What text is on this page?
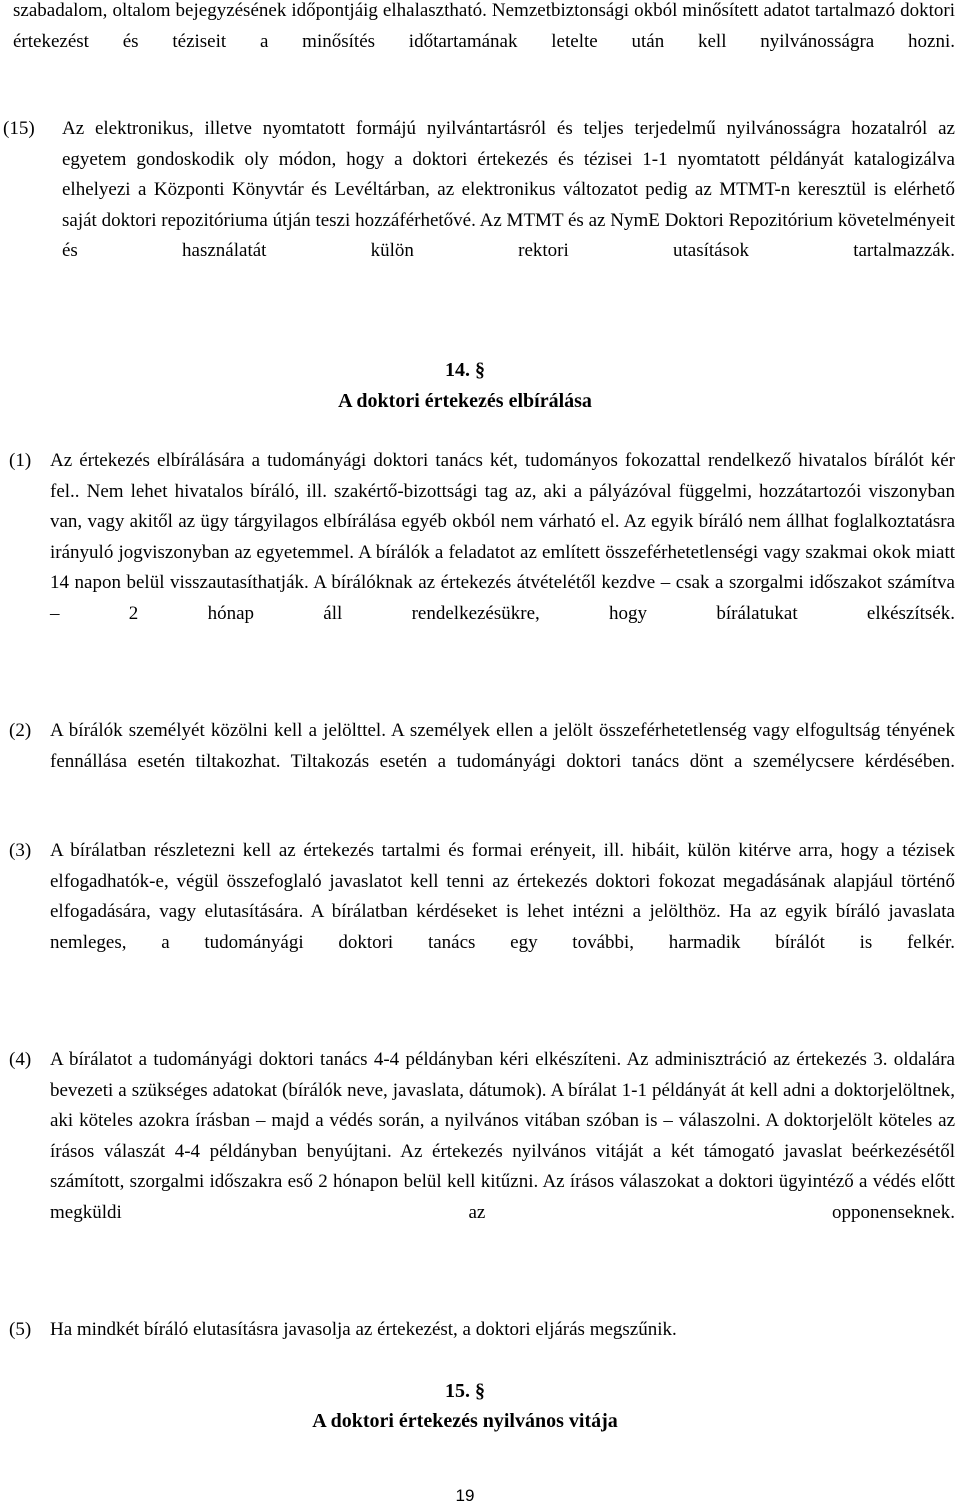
szabadalom, oltalom bejegyzésének időpontjáig elhalasztható. Nemzetbiztonsági okból minősített adatot tartalmazó doktori értekezést és téziseit a minősítés időtartamának letelte után kell nyilvánosságra hozni.

(15) Az elektronikus, illetve nyomtatott formájú nyilvántartásról és teljes terjedelmű nyilvánosságra hozatalról az egyetem gondoskodik oly módon, hogy a doktori értekezés és tézisei 1-1 nyomtatott példányát katalogizálva elhelyezi a Központi Könyvtár és Levéltárban, az elektronikus változatot pedig az MTMT-n keresztül is elérhető saját doktori repozitóriuma útján teszi hozzáférhetővé. Az MTMT és az NymE Doktori Repozitórium követelményeit és használatát külön rektori utasítások tartalmazzák.

14. §
A doktori értekezés elbírálása
(1) Az értekezés elbírálására a tudományági doktori tanács két, tudományos fokozattal rendelkező hivatalos bírálót kér fel.. Nem lehet hivatalos bíráló, ill. szakértő-bizottsági tag az, aki a pályázóval függelmi, hozzátartozói viszonyban van, vagy akitől az ügy tárgyilagos elbírálása egyéb okból nem várható el. Az egyik bíráló nem állhat foglalkoztatásra irányuló jogviszonyban az egyetemmel. A bírálók a feladatot az említett összeférhetetlenségi vagy szakmai okok miatt 14 napon belül visszautasíthatják. A bírálóknak az értekezés átvételétől kezdve – csak a szorgalmi időszakot számítva – 2 hónap áll rendelkezésükre, hogy bírálatukat elkészítsék.

(2) A bírálók személyét közölni kell a jelölttel. A személyek ellen a jelölt összeférhetetlenség vagy elfogultság tényének fennállása esetén tiltakozhat. Tiltakozás esetén a tudományági doktori tanács dönt a személycsere kérdésében.

(3) A bírálatban részletezni kell az értekezés tartalmi és formai erényeit, ill. hibáit, külön kitérve arra, hogy a tézisek elfogadhatók-e, végül összefoglaló javaslatot kell tenni az értekezés doktori fokozat megadásának alapjául történő elfogadására, vagy elutasítására. A bírálatban kérdéseket is lehet intézni a jelölthöz. Ha az egyik bíráló javaslata nemleges, a tudományági doktori tanács egy további, harmadik bírálót is felkér.

(4) A bírálatot a tudományági doktori tanács 4-4 példányban kéri elkészíteni. Az adminisztráció az értekezés 3. oldalára bevezeti a szükséges adatokat (bírálók neve, javaslata, dátumok). A bírálat 1-1 példányát át kell adni a doktorjelöltnek, aki köteles azokra írásban – majd a védés során, a nyilvános vitában szóban is – válaszolni. A doktorjelölt köteles az írásos válaszát 4-4 példányban benyújtani. Az értekezés nyilvános vitáját a két támogató javaslat beérkezésétől számított, szorgalmi időszakra eső 2 hónapon belül kell kitűzni. Az írásos válaszokat a doktori ügyintéző a védés előtt megküldi az opponenseknek.

(5) Ha mindkét bíráló elutasításra javasolja az értekezést, a doktori eljárás megszűnik.

15. §
A doktori értekezés nyilvános vitája
19
